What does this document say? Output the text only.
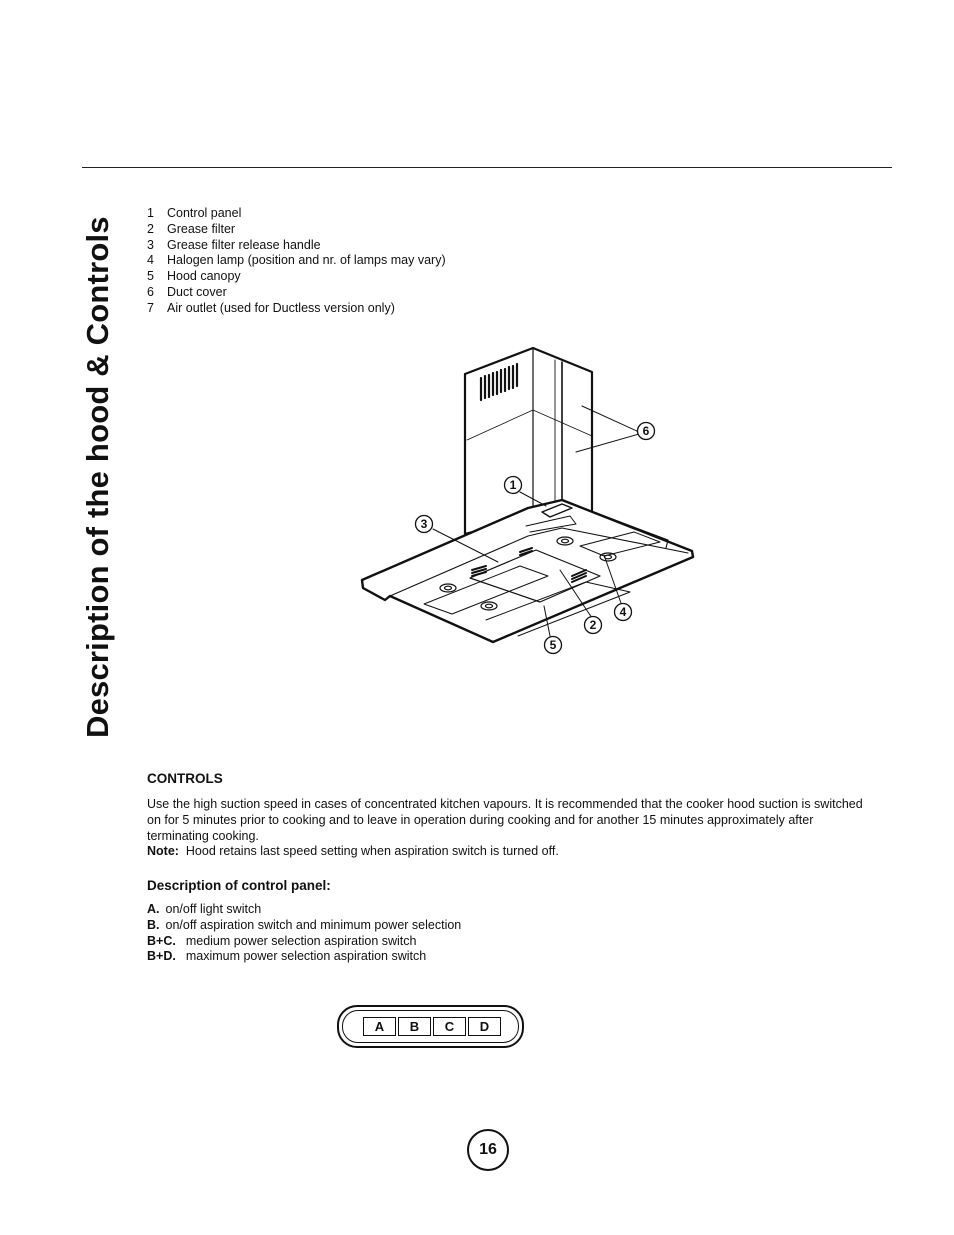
Description of the hood & Controls
1	Control panel
2	Grease filter
3	Grease filter release handle
4	Halogen lamp (position and nr. of lamps may vary)
5	Hood canopy
6	Duct cover
7	Air outlet (used for Ductless version only)
6
1
3
2
4
5
CONTROLS
Use the high suction speed in cases of concentrated kitchen vapours. It is recommended that the cooker hood suction is switched on for 5 minutes prior to cooking and to leave in operation during cooking and for another 15 minutes approximately after terminating cooking.
Note: Hood retains last speed setting when aspiration switch is turned off.
Description of control panel:
A. on/off light switch
B. on/off aspiration switch and minimum power selection
B+C. medium power selection aspiration switch
B+D. maximum power selection aspiration switch
A	B	C	D
16
